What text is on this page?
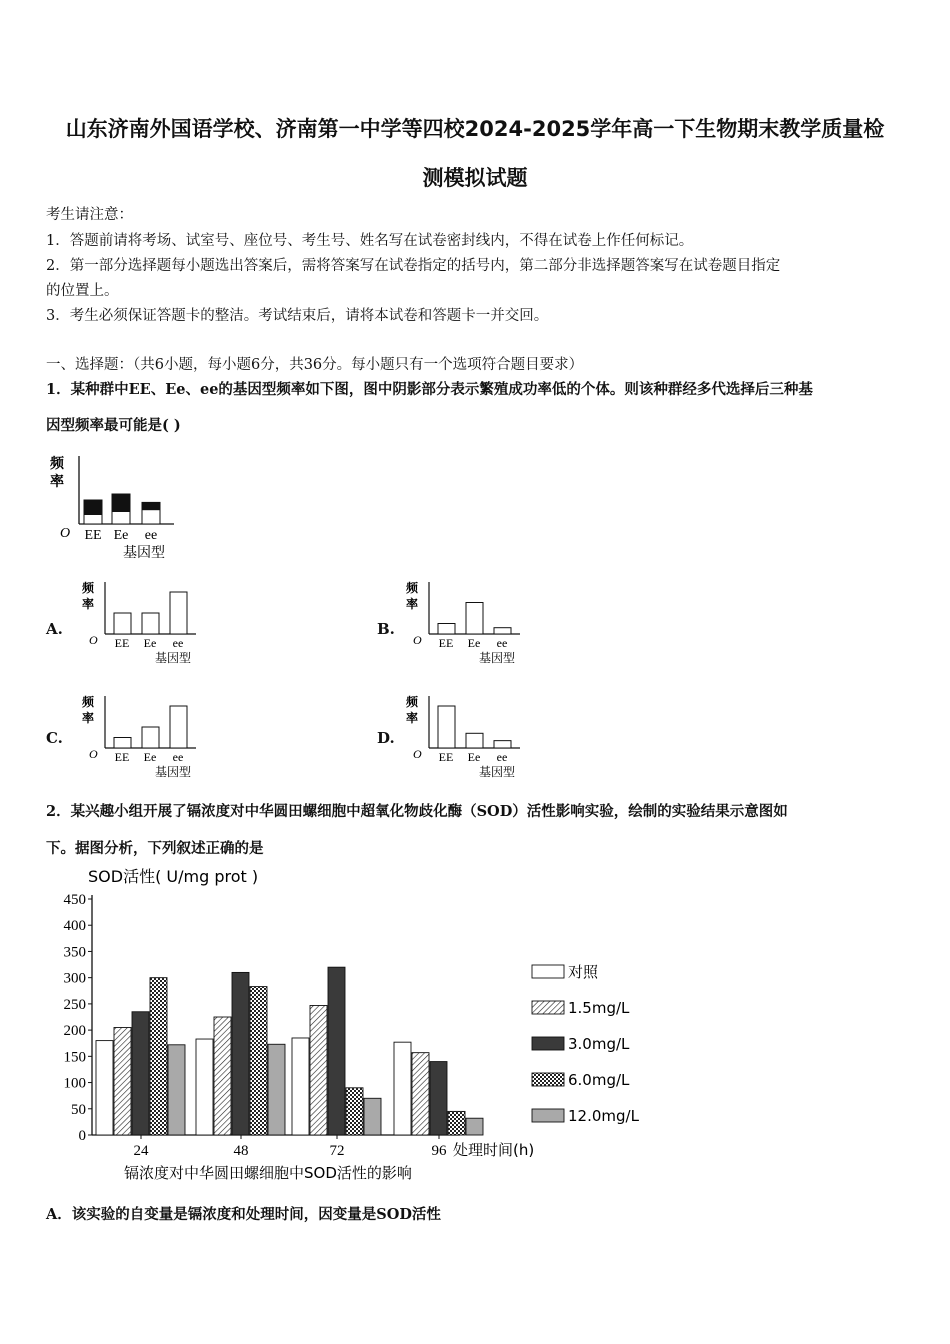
山东济南外国语学校、济南第一中学等四校2024-2025学年高一下生物期末教学质量检
测模拟试题
考生请注意：
1．答题前请将考场、试室号、座位号、考生号、姓名写在试卷密封线内，不得在试卷上作任何标记。
2．第一部分选择题每小题选出答案后，需将答案写在试卷指定的括号内，第二部分非选择题答案写在试卷题目指定
的位置上。
3．考生必须保证答题卡的整洁。考试结束后，请将本试卷和答题卡一并交回。
一、选择题：（共6小题，每小题6分，共36分。每小题只有一个选项符合题目要求）
1．某种群中EE、Ee、ee的基因型频率如下图，图中阴影部分表示繁殖成功率低的个体。则该种群经多代选择后三种基
因型频率最可能是( )
频
率
O EE Ee ee
基因型
A.
频
率
O EE Ee ee
基因型
B.
频
率
O EE Ee ee
基因型
C.
频
率
O EE Ee ee
基因型
D.
频
率
O EE Ee ee
基因型
2．某兴趣小组开展了镉浓度对中华圆田螺细胞中超氧化物歧化酶（SOD）活性影响实验，绘制的实验结果示意图如
下。据图分析，下列叙述正确的是
SOD活性( U/mg prot )
0
50
100
150
200
250
300
350
400
450
24	48	72	96 处理时间(h)
镉浓度对中华圆田螺细胞中SOD活性的影响
对照
1.5mg/L
3.0mg/L
6.0mg/L
12.0mg/L
A．该实验的自变量是镉浓度和处理时间，因变量是SOD活性
